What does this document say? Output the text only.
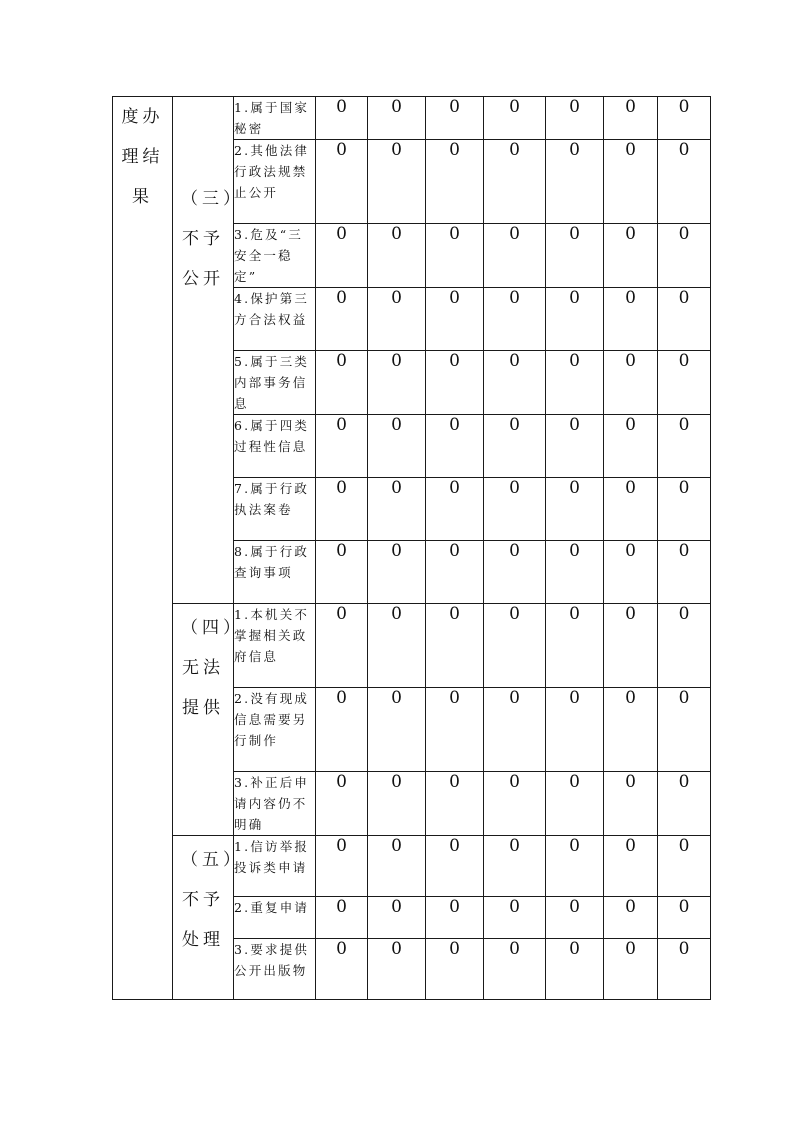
度办理结果	（三）不予公开	1.属于国家秘密	0	0	0	0	0	0	0
		2.其他法律行政法规禁止公开	0	0	0	0	0	0	0
		3.危及“三安全一稳定”	0	0	0	0	0	0	0
		4.保护第三方合法权益	0	0	0	0	0	0	0
		5.属于三类内部事务信息	0	0	0	0	0	0	0
		6.属于四类过程性信息	0	0	0	0	0	0	0
		7.属于行政执法案卷	0	0	0	0	0	0	0
		8.属于行政查询事项	0	0	0	0	0	0	0

	（四）无法提供	1.本机关不掌握相关政府信息	0	0	0	0	0	0	0
		2.没有现成信息需要另行制作	0	0	0	0	0	0	0
		3.补正后申请内容仍不明确	0	0	0	0	0	0	0

	（五）不予处理	1.信访举报投诉类申请	0	0	0	0	0	0	0
		2.重复申请	0	0	0	0	0	0	0
		3.要求提供公开出版物	0	0	0	0	0	0	0
